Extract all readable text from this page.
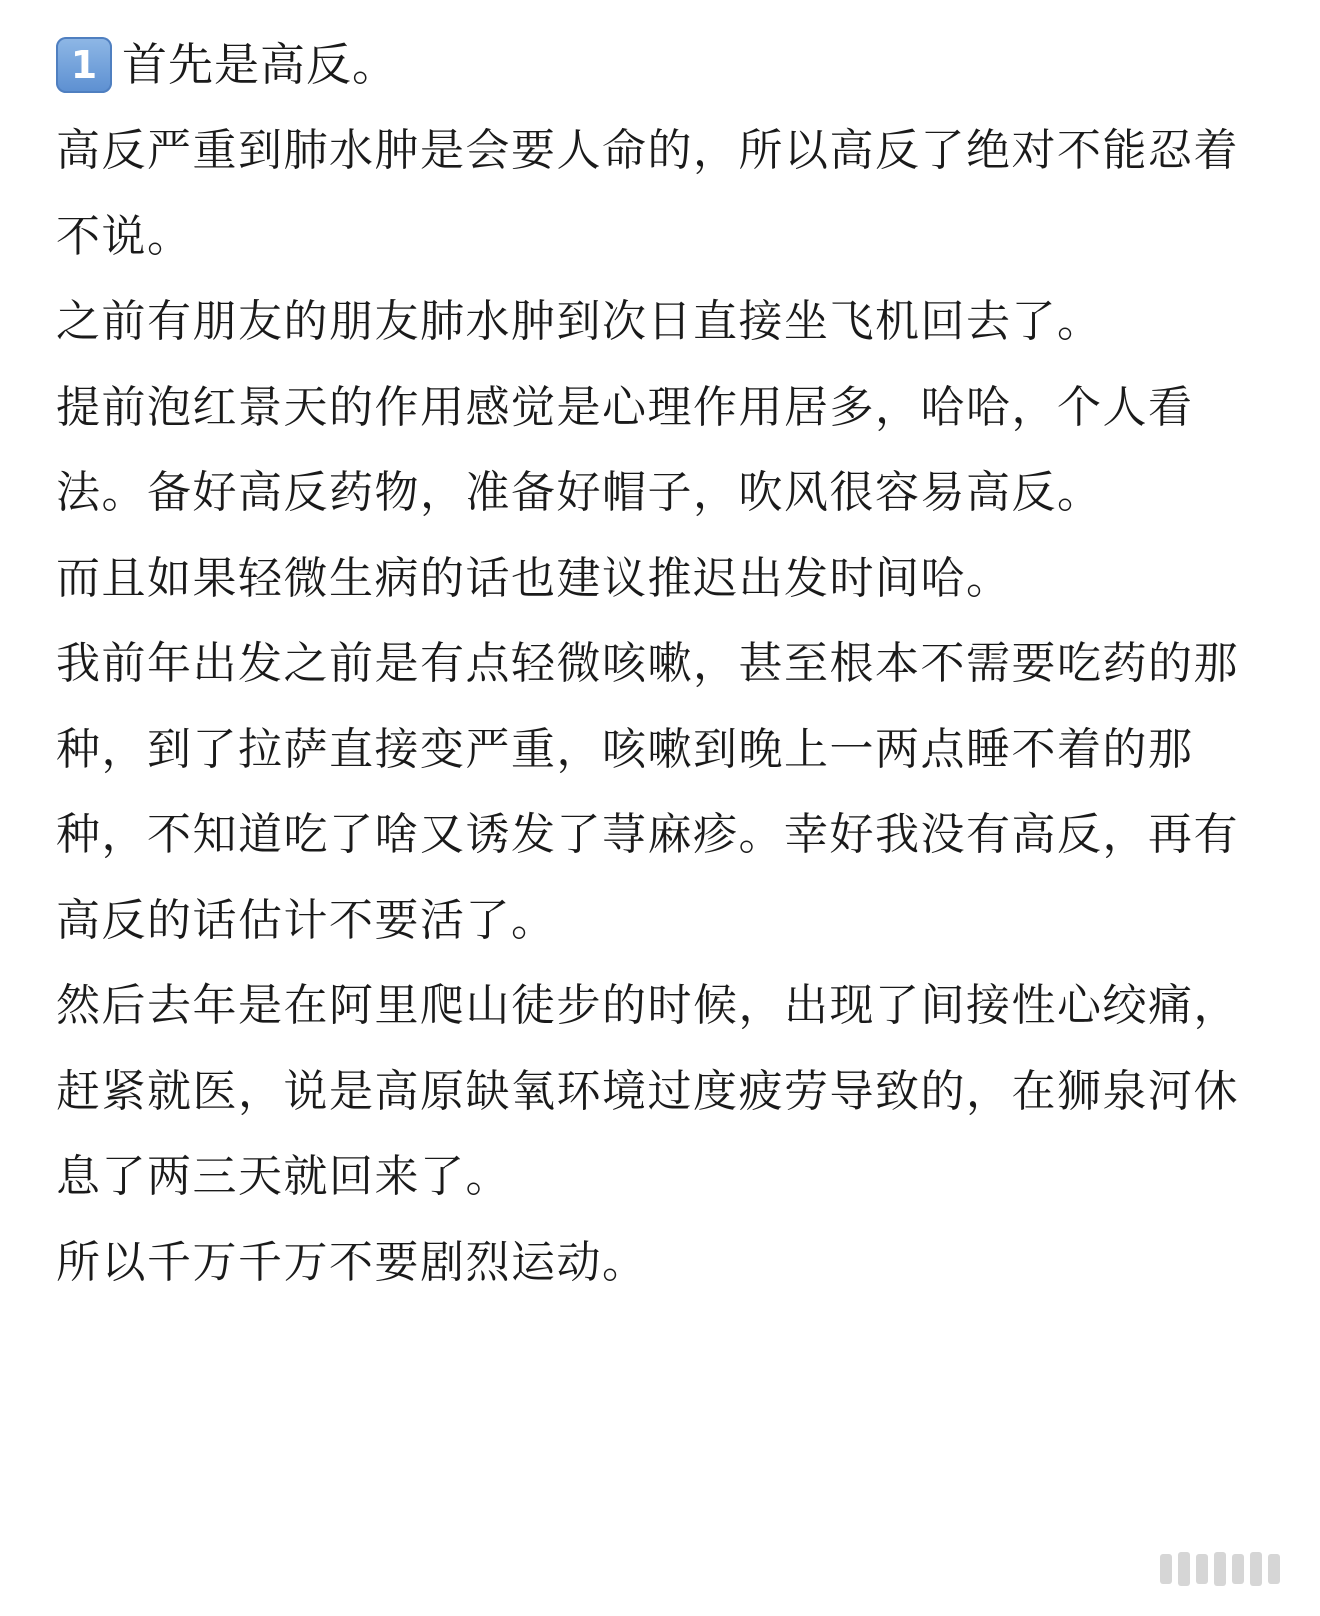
1 首先是高反。

高反严重到肺水肿是会要人命的，所以高反了绝对不能忍着不说。

之前有朋友的朋友肺水肿到次日直接坐飞机回去了。

提前泡红景天的作用感觉是心理作用居多，哈哈，个人看法。备好高反药物，准备好帽子，吹风很容易高反。

而且如果轻微生病的话也建议推迟出发时间哈。

我前年出发之前是有点轻微咳嗽，甚至根本不需要吃药的那种，到了拉萨直接变严重，咳嗽到晚上一两点睡不着的那种，不知道吃了啥又诱发了荨麻疹。幸好我没有高反，再有高反的话估计不要活了。

然后去年是在阿里爬山徒步的时候，出现了间接性心绞痛，赶紧就医，说是高原缺氧环境过度疲劳导致的，在狮泉河休息了两三天就回来了。

所以千万千万不要剧烈运动。
